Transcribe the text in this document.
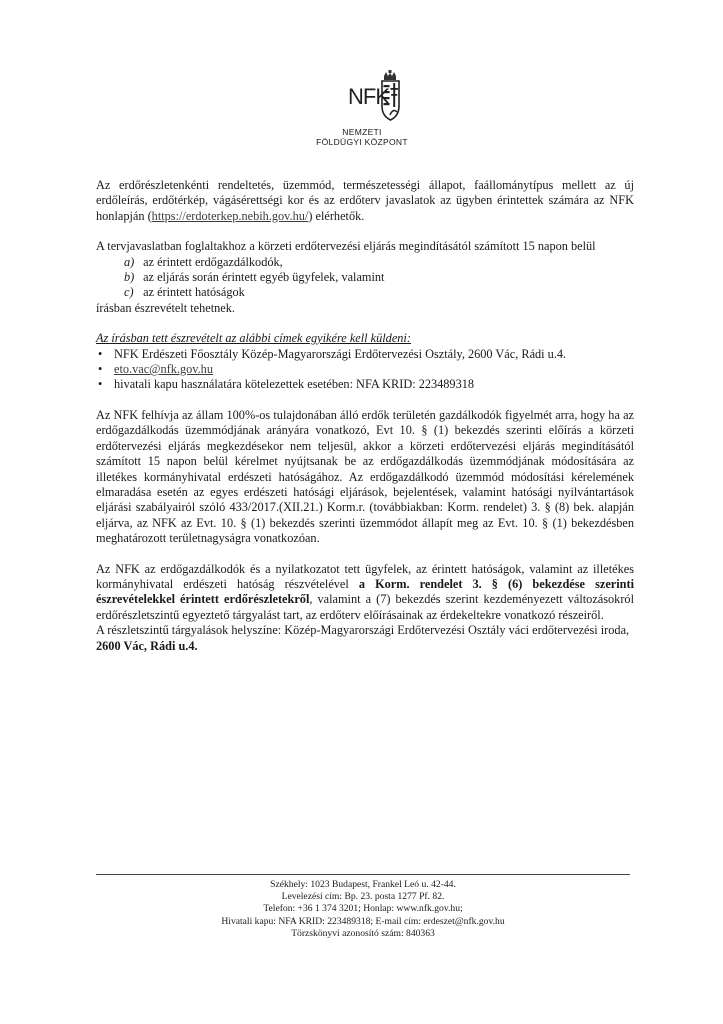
NFK
NEMZETI
FÖLDÜGYI KÖZPONT

Az erdőrészletenkénti rendeltetés, üzemmód, természetességi állapot, faállománytípus mellett az új erdőleírás, erdőtérkép, vágásérettségi kor és az erdőterv javaslatok az ügyben érintettek számára az NFK honlapján (https://erdoterkep.nebih.gov.hu/) elérhetők.

A tervjavaslatban foglaltakhoz a körzeti erdőtervezési eljárás megindításától számított 15 napon belül

a) az érintett erdőgazdálkodók,
b) az eljárás során érintett egyéb ügyfelek, valamint
c) az érintett hatóságok

írásban észrevételt tehetnek.

Az írásban tett észrevételt az alábbi címek egyikére kell küldeni:

• NFK Erdészeti Főosztály Közép-Magyarországi Erdőtervezési Osztály, 2600 Vác, Rádi u.4.
• eto.vac@nfk.gov.hu
• hivatali kapu használatára kötelezettek esetében: NFA KRID: 223489318

Az NFK felhívja az állam 100%-os tulajdonában álló erdők területén gazdálkodók figyelmét arra, hogy ha az erdőgazdálkodás üzemmódjának arányára vonatkozó, Evt 10. § (1) bekezdés szerinti előírás a körzeti erdőtervezési eljárás megkezdésekor nem teljesül, akkor a körzeti erdőtervezési eljárás megindításától számított 15 napon belül kérelmet nyújtsanak be az erdőgazdálkodás üzemmódjának módosítására az illetékes kormányhivatal erdészeti hatóságához. Az erdőgazdálkodó üzemmód módosítási kérelemének elmaradása esetén az egyes erdészeti hatósági eljárások, bejelentések, valamint hatósági nyilvántartások eljárási szabályairól szóló 433/2017.(XII.21.) Korm.r. (továbbiakban: Korm. rendelet) 3. § (8) bek. alapján eljárva, az NFK az Evt. 10. § (1) bekezdés szerinti üzemmódot állapít meg az Evt. 10. § (1) bekezdésben meghatározott területnagyságra vonatkozóan.

Az NFK az erdőgazdálkodók és a nyilatkozatot tett ügyfelek, az érintett hatóságok, valamint az illetékes kormányhivatal erdészeti hatóság részvételével a Korm. rendelet 3. § (6) bekezdése szerinti észrevételekkel érintett erdőrészletekről, valamint a (7) bekezdés szerint kezdeményezett változásokról erdőrészletszintű egyeztető tárgyalást tart, az erdőterv előírásainak az érdekeltekre vonatkozó részeiről.

A részletszintű tárgyalások helyszíne: Közép-Magyarországi Erdőtervezési Osztály váci erdőtervezési iroda, 2600 Vác, Rádi u.4.

Székhely: 1023 Budapest, Frankel Leó u. 42-44.
Levelezési cím: Bp. 23. posta 1277 Pf. 82.
Telefon: +36 1 374 3201; Honlap: www.nfk.gov.hu;
Hivatali kapu: NFA KRID: 223489318; E-mail cím: erdeszet@nfk.gov.hu
Törzskönyvi azonosító szám: 840363
